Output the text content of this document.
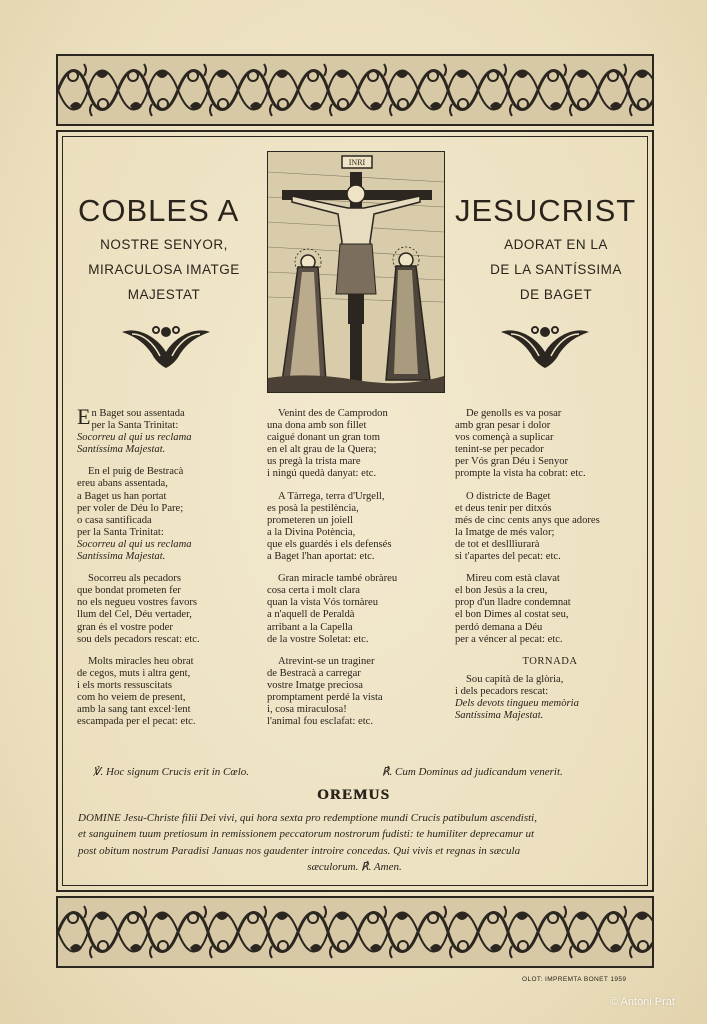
COBLES A	JESUCRIST
NOSTRE SENYOR,
MIRACULOSA IMATGE
MAJESTAT
ADORAT EN LA
DE LA SANTÍSSIMA
DE BAGET
INRI
En Baget sou assentada
per la Santa Trinitat:
Socorreu al qui us reclama
Santíssima Majestat.
En el puig de Bestracà
ereu abans assentada,
a Baget us han portat
per voler de Déu lo Pare;
o casa santificada
per la Santa Trinitat:
Socorreu al qui us reclama
Santíssima Majestat.
Socorreu als pecadors
que bondat prometen fer
no els negueu vostres favors
llum del Cel, Déu vertader,
gran és el vostre poder
sou dels pecadors rescat: etc.
Molts miracles heu obrat
de cegos, muts i altra gent,
i els morts ressuscitats
com ho veiem de present,
amb la sang tant excel·lent
escampada per el pecat: etc.
Venint des de Camprodon
una dona amb son fillet
caigué donant un gran tom
en el alt grau de la Quera;
us pregà la trista mare
i ningú quedà danyat: etc.
A Tàrrega, terra d'Urgell,
es posà la pestilència,
prometeren un joiell
a la Divina Potència,
que els guardés i els defensés
a Baget l'han aportat: etc.
Gran miracle també obràreu
cosa certa i molt clara
quan la vista Vós tornàreu
a n'aquell de Peraldà
arribant a la Capella
de la vostre Soletat: etc.
Atrevint-se un traginer
de Bestracà a carregar
vostre Imatge preciosa
promptament perdé la vista
i, cosa miraculosa!
l'animal fou esclafat: etc.
De genolls es va posar
amb gran pesar i dolor
vos començà a suplicar
tenint-se per pecador
per Vós gran Déu i Senyor
prompte la vista ha cobrat: etc.
O districte de Baget
et deus tenir per ditxós
més de cinc cents anys que adores
la Imatge de més valor;
de tot et desllliurarà
si t'apartes del pecat: etc.
Mireu com està clavat
el bon Jesús a la creu,
prop d'un lladre condemnat
el bon Dimes al costat seu,
perdó demana a Déu
per a véncer al pecat: etc.
TORNADA
Sou capità de la glòria,
i dels pecadors rescat:
Dels devots tingueu memòria
Santíssima Majestat.
℣. Hoc signum Crucis erit in Cœlo.	℟. Cum Dominus ad judicandum venerit.
OREMUS
DOMINE Jesu-Christe filii Dei vivi, qui hora sexta pro redemptione mundi Crucis patibulum ascendisti,
et sanguinem tuum pretiosum in remissionem peccatorum nostrorum fudisti: te humiliter deprecamur ut
post obitum nostrum Paradisi Januas nos gaudenter introire concedas. Qui vivis et regnas in sæcula
sæculorum. ℟. Amen.
OLOT: IMPREMTA BONET 1959
© Antoni Prat
